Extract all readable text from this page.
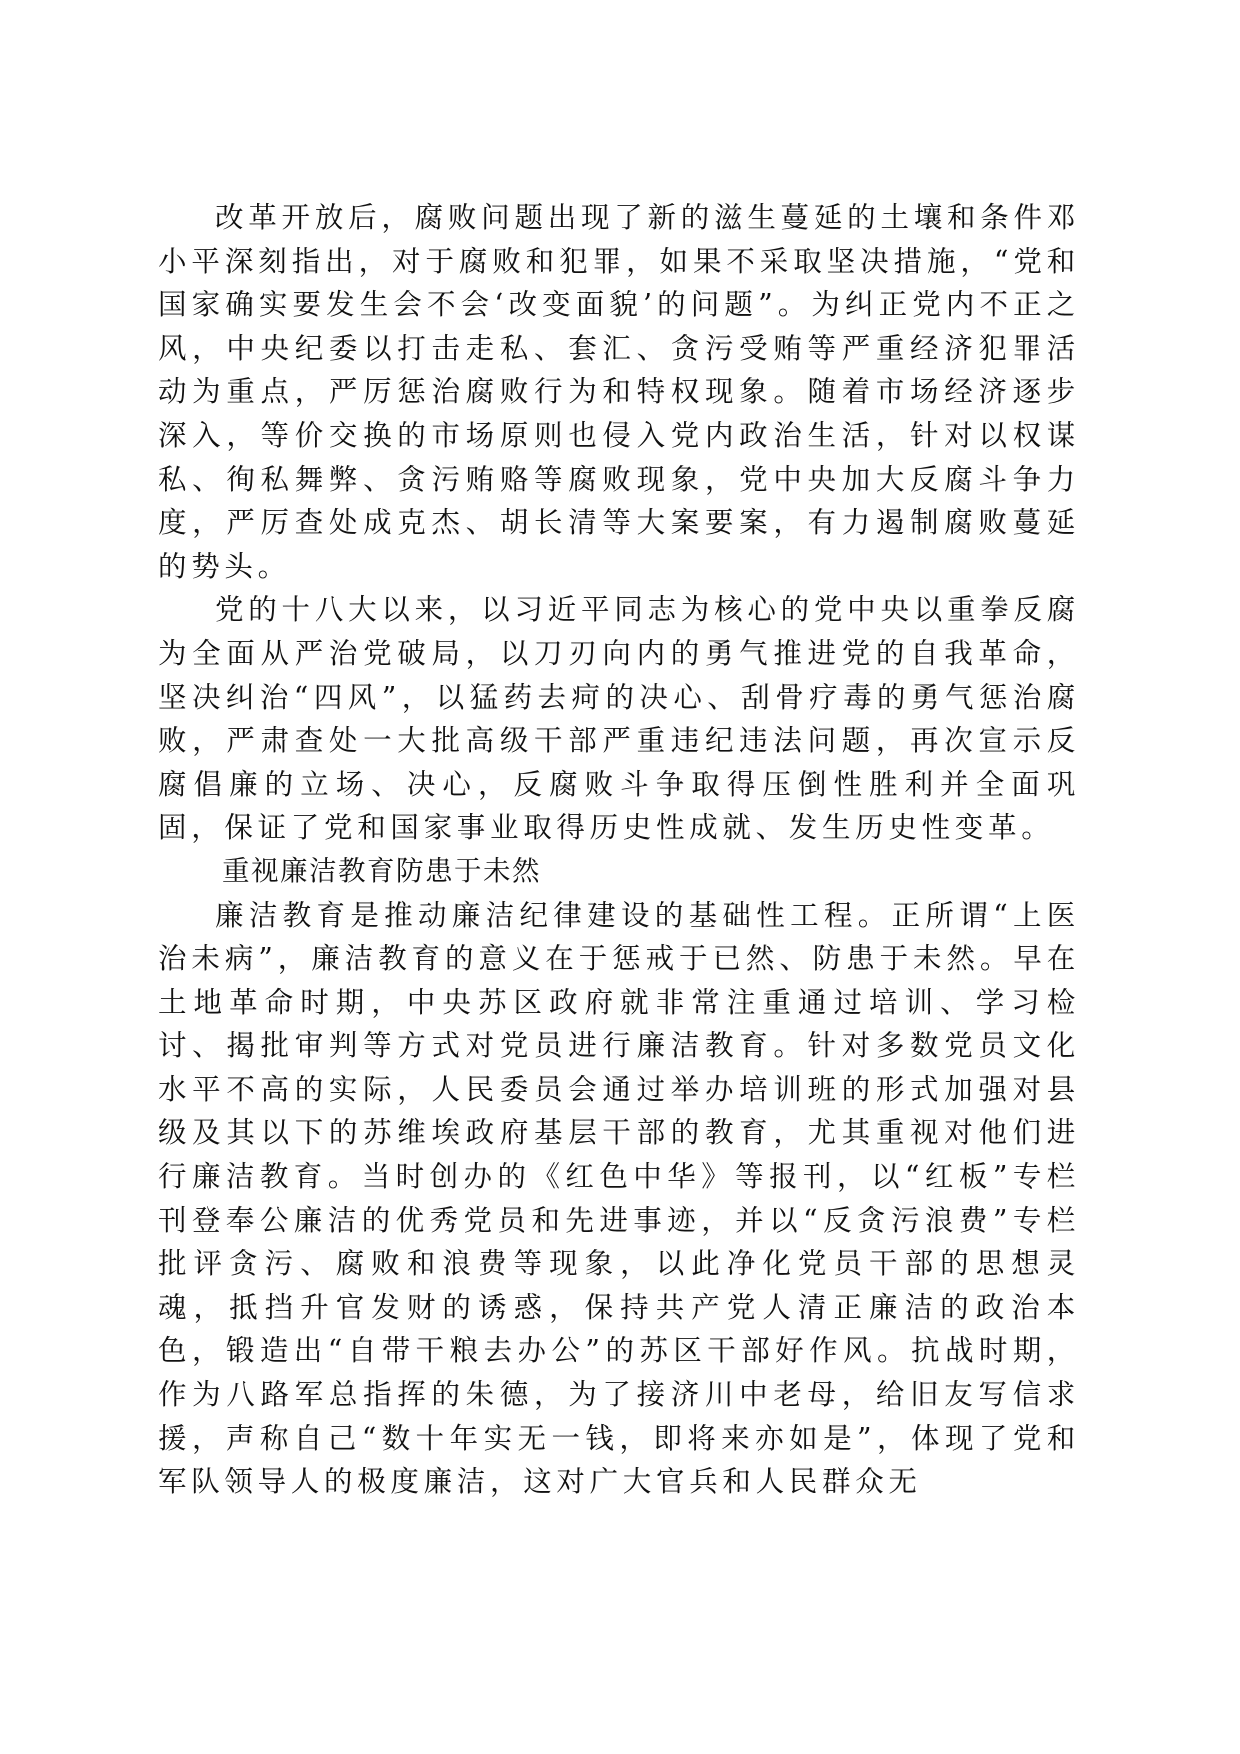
改革开放后，腐败问题出现了新的滋生蔓延的土壤和条件邓小平深刻指出，对于腐败和犯罪，如果不采取坚决措施，“党和国家确实要发生会不会‘改变面貌’的问题”。为纠正党内不正之风，中央纪委以打击走私、套汇、贪污受贿等严重经济犯罪活动为重点，严厉惩治腐败行为和特权现象。随着市场经济逐步深入，等价交换的市场原则也侵入党内政治生活，针对以权谋私、徇私舞弊、贪污贿赂等腐败现象，党中央加大反腐斗争力度，严厉查处成克杰、胡长清等大案要案，有力遏制腐败蔓延的势头。

党的十八大以来，以习近平同志为核心的党中央以重拳反腐为全面从严治党破局，以刀刃向内的勇气推进党的自我革命，坚决纠治“四风”，以猛药去疴的决心、刮骨疗毒的勇气惩治腐败，严肃查处一大批高级干部严重违纪违法问题，再次宣示反腐倡廉的立场、决心，反腐败斗争取得压倒性胜利并全面巩固，保证了党和国家事业取得历史性成就、发生历史性变革。

重视廉洁教育防患于未然

廉洁教育是推动廉洁纪律建设的基础性工程。正所谓“上医治未病”，廉洁教育的意义在于惩戒于已然、防患于未然。早在土地革命时期，中央苏区政府就非常注重通过培训、学习检讨、揭批审判等方式对党员进行廉洁教育。针对多数党员文化水平不高的实际，人民委员会通过举办培训班的形式加强对县级及其以下的苏维埃政府基层干部的教育，尤其重视对他们进行廉洁教育。当时创办的《红色中华》等报刊，以“红板”专栏刊登奉公廉洁的优秀党员和先进事迹，并以“反贪污浪费”专栏批评贪污、腐败和浪费等现象，以此净化党员干部的思想灵魂，抵挡升官发财的诱惑，保持共产党人清正廉洁的政治本色，锻造出“自带干粮去办公”的苏区干部好作风。抗战时期，作为八路军总指挥的朱德，为了接济川中老母，给旧友写信求援，声称自己“数十年实无一钱，即将来亦如是”，体现了党和军队领导人的极度廉洁，这对广大官兵和人民群众无
